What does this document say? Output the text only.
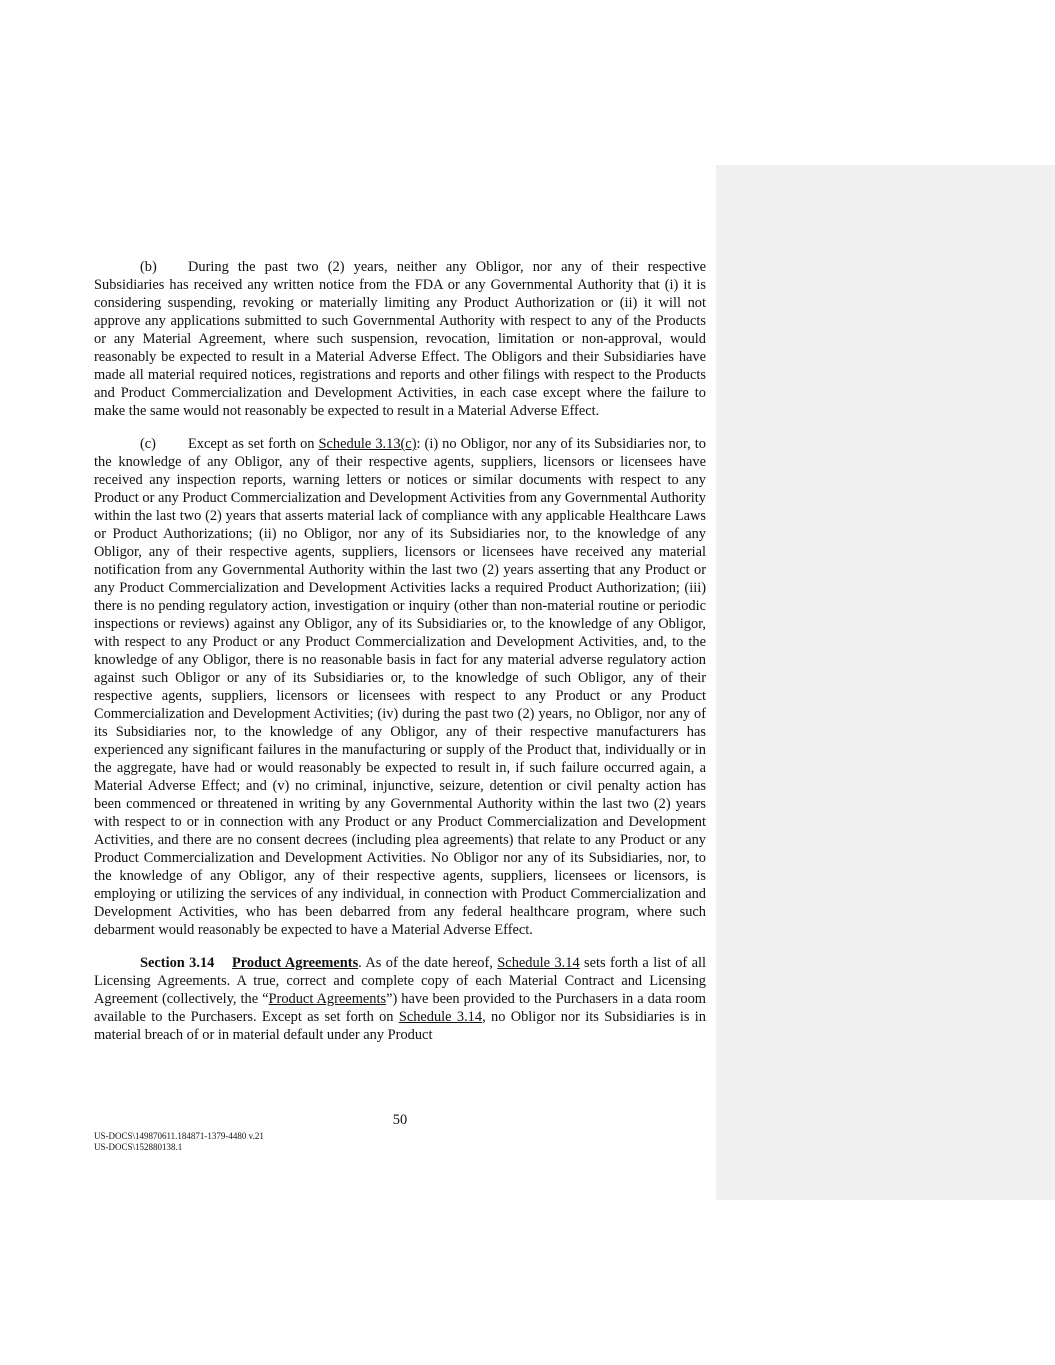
(b) During the past two (2) years, neither any Obligor, nor any of their respective Subsidiaries has received any written notice from the FDA or any Governmental Authority that (i) it is considering suspending, revoking or materially limiting any Product Authorization or (ii) it will not approve any applications submitted to such Governmental Authority with respect to any of the Products or any Material Agreement, where such suspension, revocation, limitation or non-approval, would reasonably be expected to result in a Material Adverse Effect. The Obligors and their Subsidiaries have made all material required notices, registrations and reports and other filings with respect to the Products and Product Commercialization and Development Activities, in each case except where the failure to make the same would not reasonably be expected to result in a Material Adverse Effect.

(c) Except as set forth on Schedule 3.13(c): (i) no Obligor, nor any of its Subsidiaries nor, to the knowledge of any Obligor, any of their respective agents, suppliers, licensors or licensees have received any inspection reports, warning letters or notices or similar documents with respect to any Product or any Product Commercialization and Development Activities from any Governmental Authority within the last two (2) years that asserts material lack of compliance with any applicable Healthcare Laws or Product Authorizations; (ii) no Obligor, nor any of its Subsidiaries nor, to the knowledge of any Obligor, any of their respective agents, suppliers, licensors or licensees have received any material notification from any Governmental Authority within the last two (2) years asserting that any Product or any Product Commercialization and Development Activities lacks a required Product Authorization; (iii) there is no pending regulatory action, investigation or inquiry (other than non-material routine or periodic inspections or reviews) against any Obligor, any of its Subsidiaries or, to the knowledge of any Obligor, with respect to any Product or any Product Commercialization and Development Activities, and, to the knowledge of any Obligor, there is no reasonable basis in fact for any material adverse regulatory action against such Obligor or any of its Subsidiaries or, to the knowledge of such Obligor, any of their respective agents, suppliers, licensors or licensees with respect to any Product or any Product Commercialization and Development Activities; (iv) during the past two (2) years, no Obligor, nor any of its Subsidiaries nor, to the knowledge of any Obligor, any of their respective manufacturers has experienced any significant failures in the manufacturing or supply of the Product that, individually or in the aggregate, have had or would reasonably be expected to result in, if such failure occurred again, a Material Adverse Effect; and (v) no criminal, injunctive, seizure, detention or civil penalty action has been commenced or threatened in writing by any Governmental Authority within the last two (2) years with respect to or in connection with any Product or any Product Commercialization and Development Activities, and there are no consent decrees (including plea agreements) that relate to any Product or any Product Commercialization and Development Activities. No Obligor nor any of its Subsidiaries, nor, to the knowledge of any Obligor, any of their respective agents, suppliers, licensees or licensors, is employing or utilizing the services of any individual, in connection with Product Commercialization and Development Activities, who has been debarred from any federal healthcare program, where such debarment would reasonably be expected to have a Material Adverse Effect.

Section 3.14 Product Agreements. As of the date hereof, Schedule 3.14 sets forth a list of all Licensing Agreements. A true, correct and complete copy of each Material Contract and Licensing Agreement (collectively, the “Product Agreements”) have been provided to the Purchasers in a data room available to the Purchasers. Except as set forth on Schedule 3.14, no Obligor nor its Subsidiaries is in material breach of or in material default under any Product

50
US-DOCS\149870611.184871-1379-4480 v.21
US-DOCS\152880138.1
